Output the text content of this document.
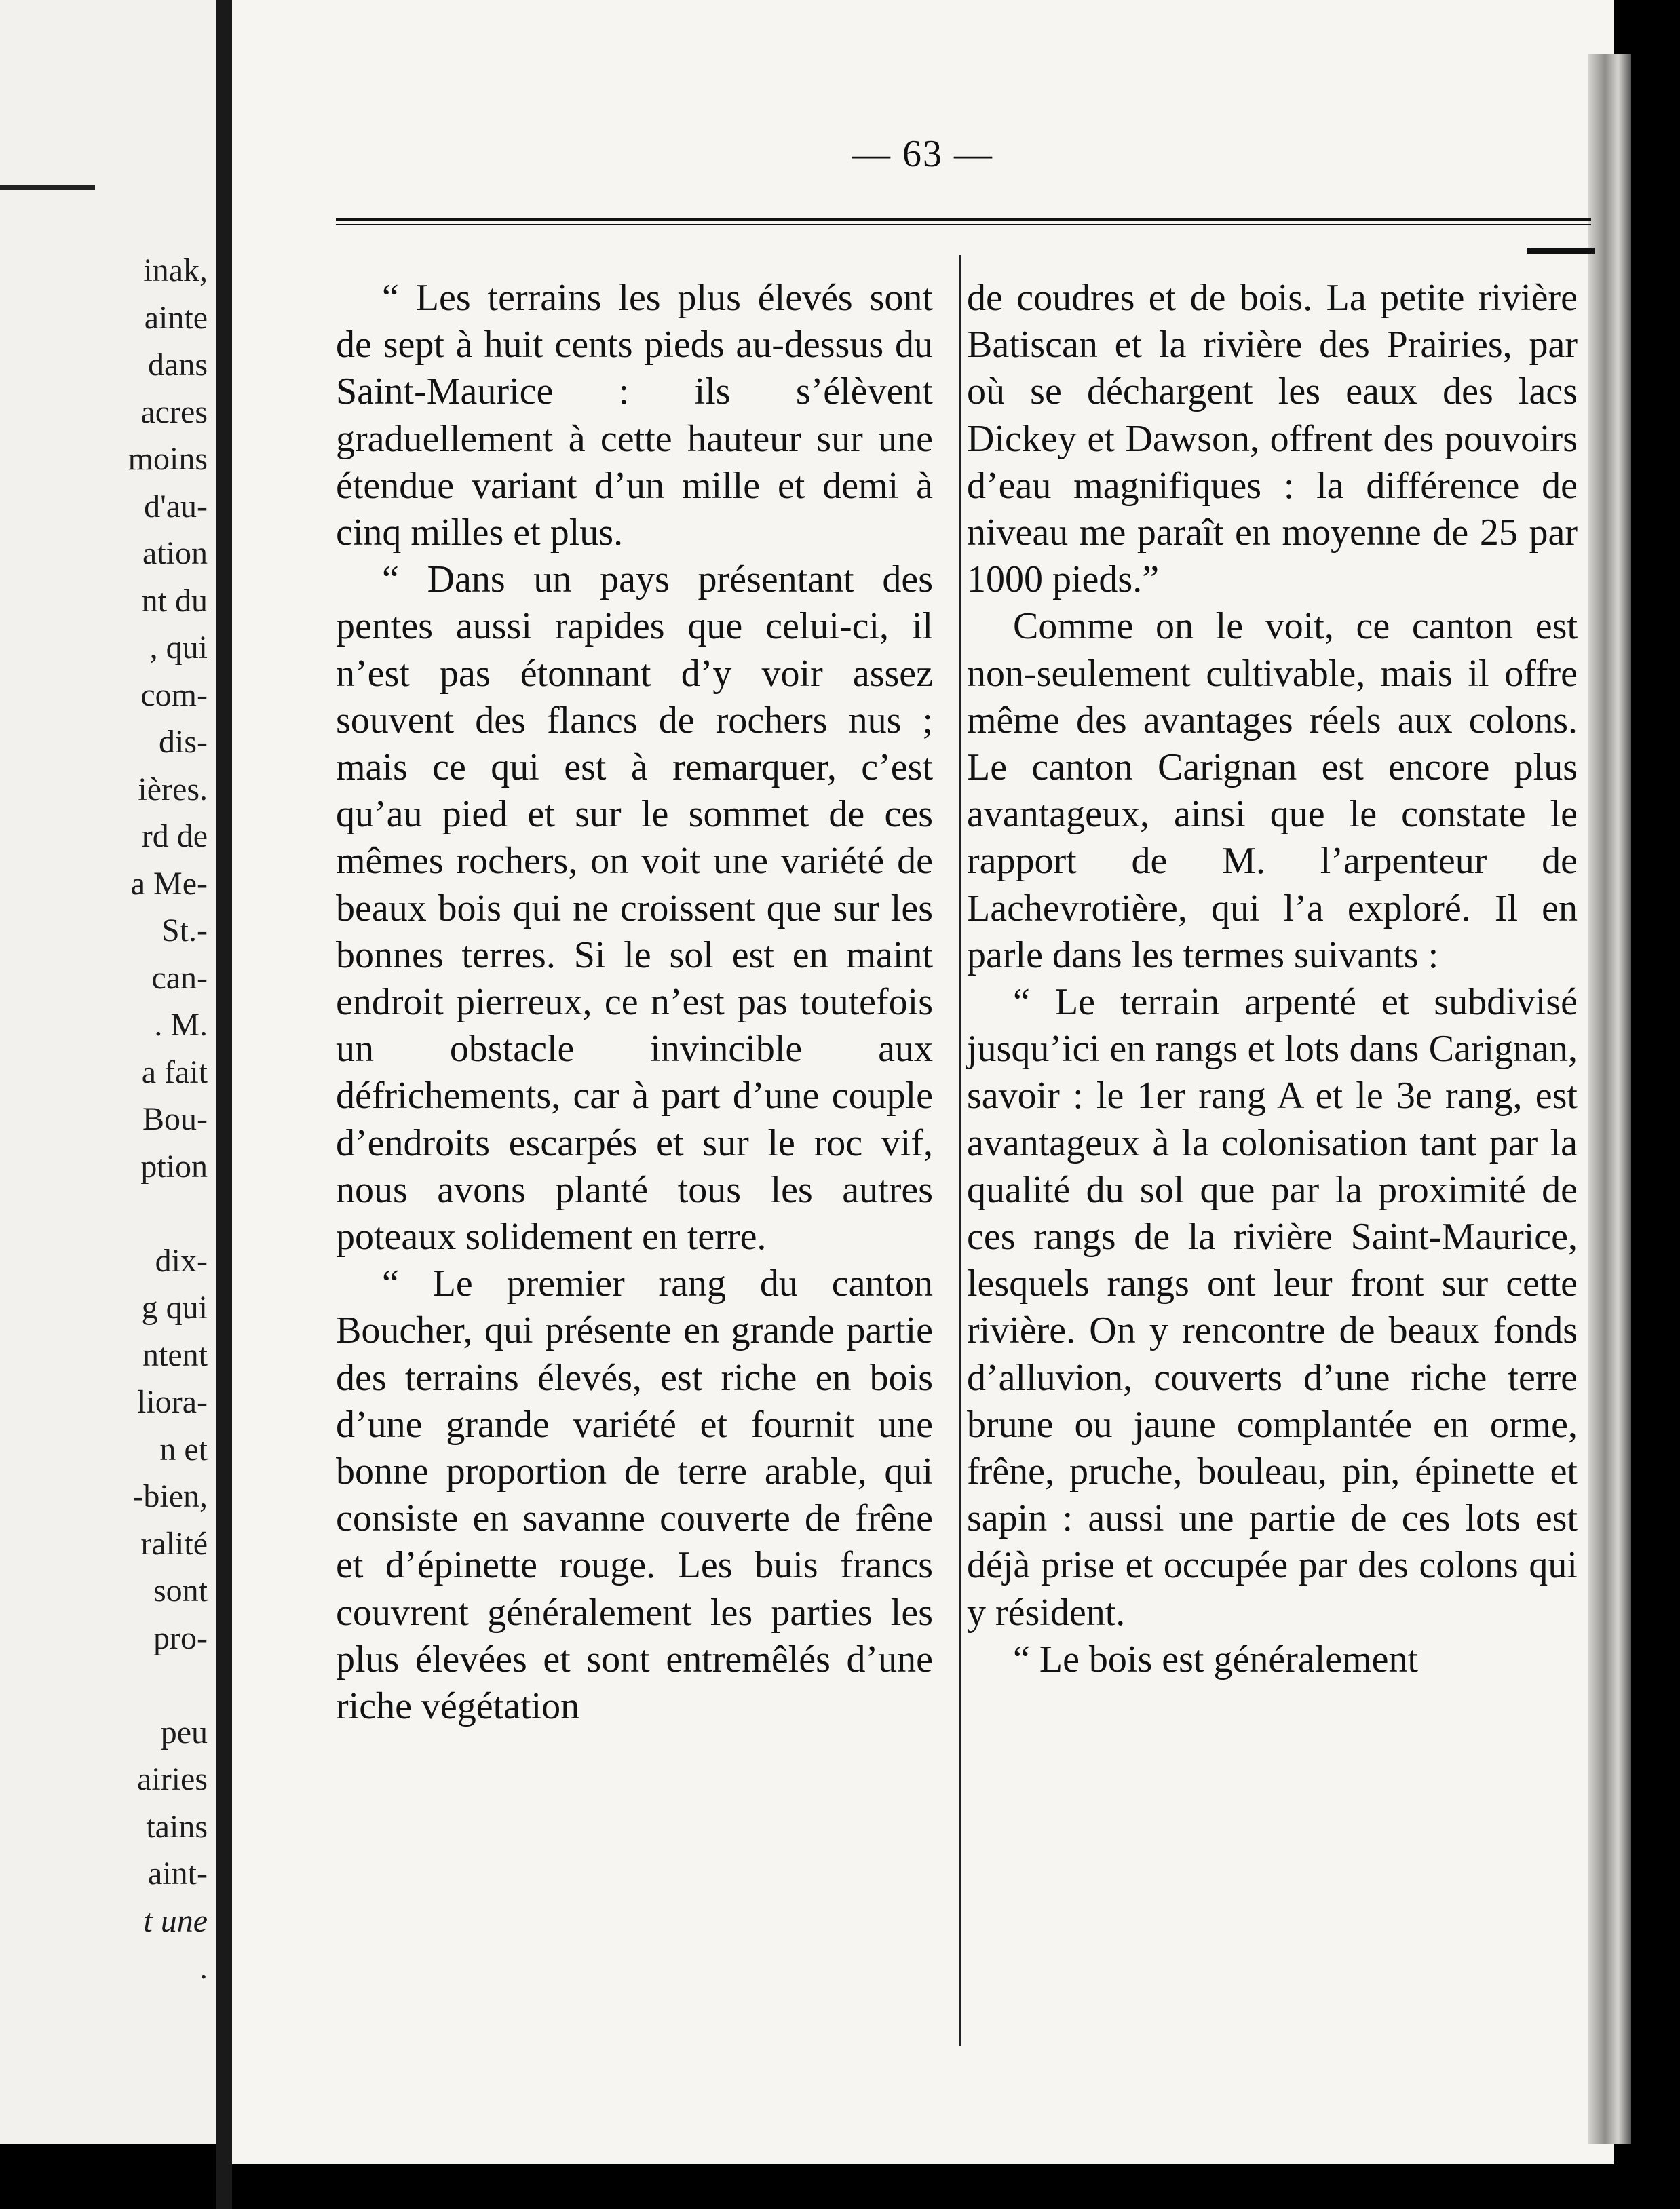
inak,
ainte
dans
acres
moins
d'au-
ation
nt du
, qui
com-
dis-
ières.
rd de
a Me-
St.-
can-
. M.
a fait
Bou-
ption
dix-
g qui
ntent
liora-
n et
-bien,
ralité
sont
pro-
peu
airies
tains
aint-
t une
.
— 63 —

“ Les terrains les plus élevés sont de sept à huit cents pieds au-dessus du Saint-Maurice : ils s’élèvent graduellement à cette hauteur sur une étendue variant d’un mille et demi à cinq milles et plus.

“ Dans un pays présentant des pentes aussi rapides que celui-ci, il n’est pas étonnant d’y voir assez souvent des flancs de rochers nus ; mais ce qui est à remarquer, c’est qu’au pied et sur le sommet de ces mêmes rochers, on voit une variété de beaux bois qui ne croissent que sur les bonnes terres. Si le sol est en maint endroit pierreux, ce n’est pas toutefois un obstacle invincible aux défrichements, car à part d’une couple d’endroits escarpés et sur le roc vif, nous avons planté tous les autres poteaux solidement en terre.

“ Le premier rang du canton Boucher, qui présente en grande partie des terrains élevés, est riche en bois d’une grande variété et fournit une bonne proportion de terre arable, qui consiste en savanne couverte de frêne et d’épinette rouge. Les buis francs couvrent généralement les parties les plus élevées et sont entremêlés d’une riche végétation

de coudres et de bois. La petite rivière Batiscan et la rivière des Prairies, par où se déchargent les eaux des lacs Dickey et Dawson, offrent des pouvoirs d’eau magnifiques : la différence de niveau me paraît en moyenne de 25 par 1000 pieds.”

Comme on le voit, ce canton est non-seulement cultivable, mais il offre même des avantages réels aux colons. Le canton Carignan est encore plus avantageux, ainsi que le constate le rapport de M. l’arpenteur de Lachevrotière, qui l’a exploré. Il en parle dans les termes suivants :

“ Le terrain arpenté et subdivisé jusqu’ici en rangs et lots dans Carignan, savoir : le 1er rang A et le 3e rang, est avantageux à la colonisation tant par la qualité du sol que par la proximité de ces rangs de la rivière Saint-Maurice, lesquels rangs ont leur front sur cette rivière. On y rencontre de beaux fonds d’alluvion, couverts d’une riche terre brune ou jaune complantée en orme, frêne, pruche, bouleau, pin, épinette et sapin : aussi une partie de ces lots est déjà prise et occupée par des colons qui y résident.

“ Le bois est généralement
